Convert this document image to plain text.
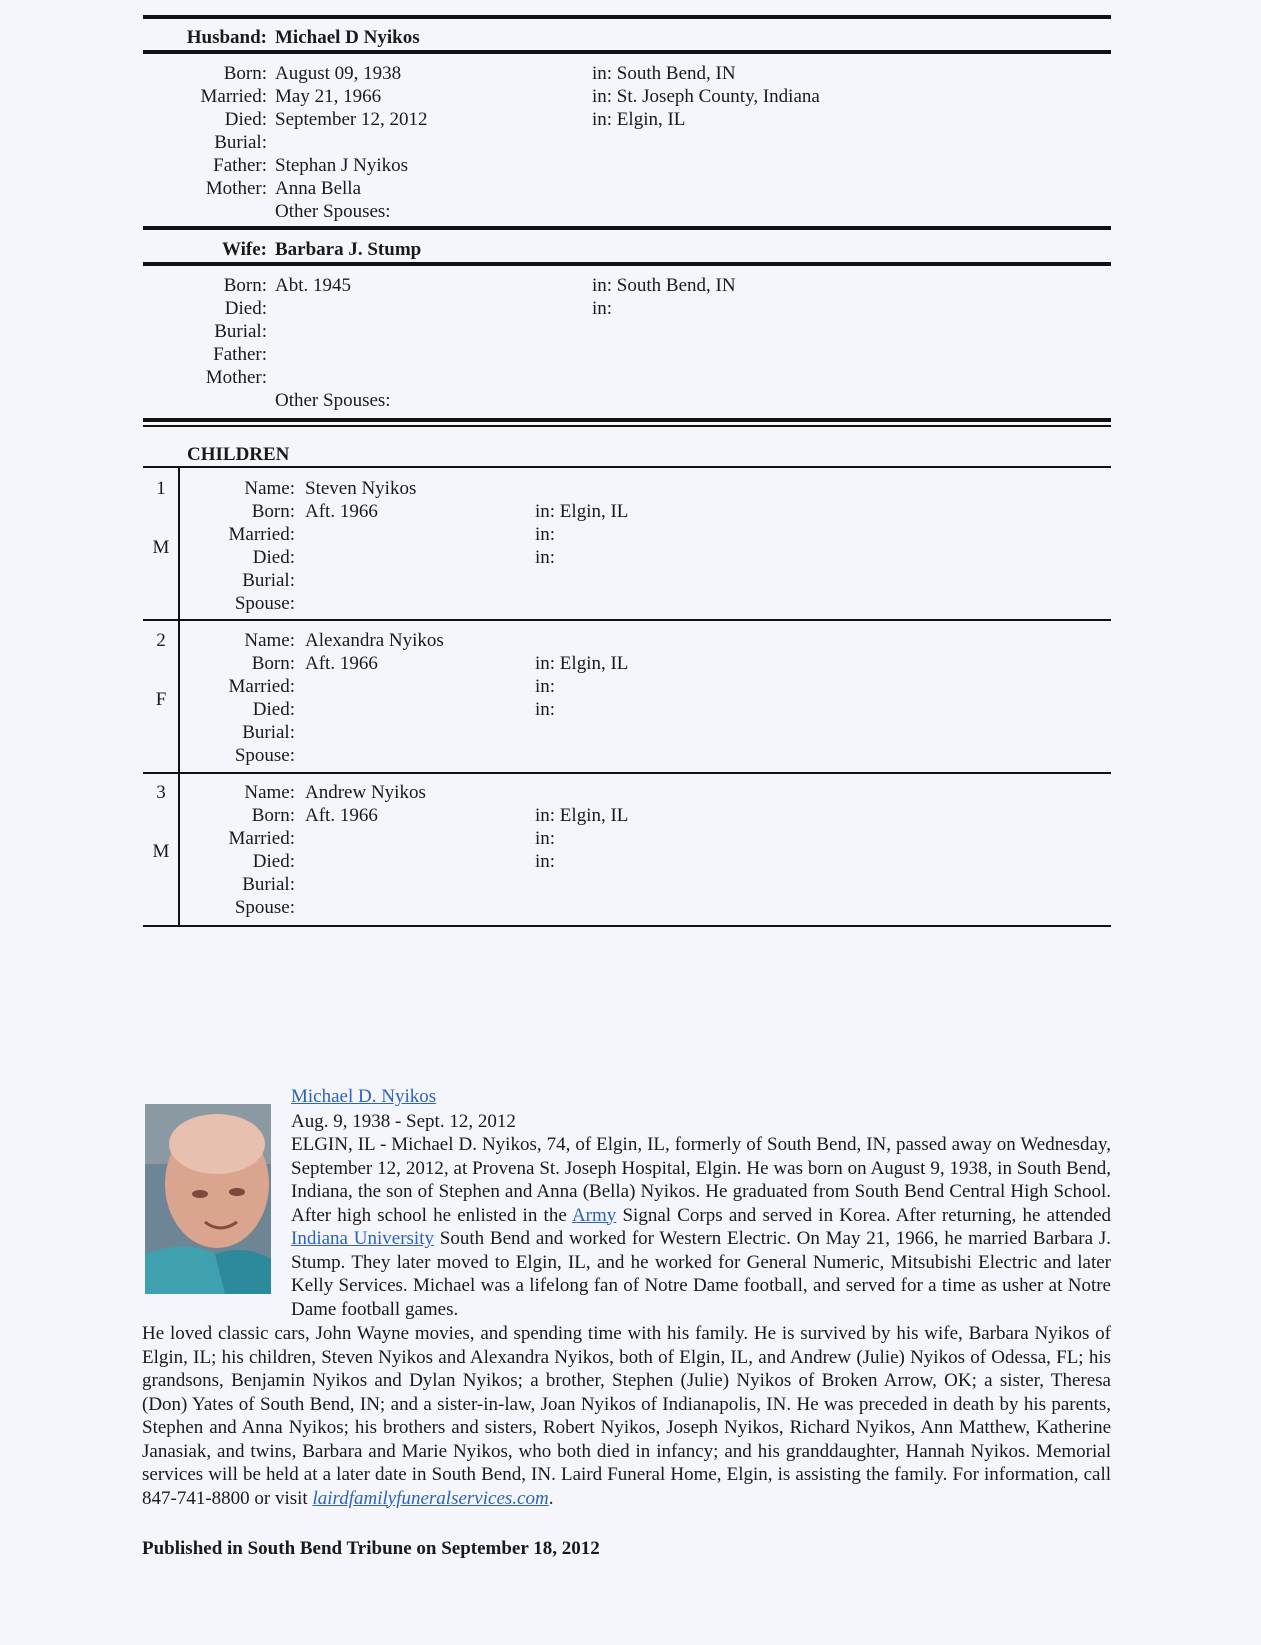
Husband: Michael D Nyikos
Born: August 09, 1938	in: South Bend, IN
Married: May 21, 1966	in: St. Joseph County, Indiana
Died: September 12, 2012	in: Elgin, IL
Burial:
Father: Stephan J Nyikos
Mother: Anna Bella
Other Spouses:
Wife: Barbara J. Stump
Born: Abt. 1945	in: South Bend, IN
Died:	in:
Burial:
Father:
Mother:
Other Spouses:
CHILDREN
1
M
Name: Steven Nyikos
Born: Aft. 1966	in: Elgin, IL
Married:	in:
Died:	in:
Burial:
Spouse:
2
F
Name: Alexandra Nyikos
Born: Aft. 1966	in: Elgin, IL
Married:	in:
Died:	in:
Burial:
Spouse:
3
M
Name: Andrew Nyikos
Born: Aft. 1966	in: Elgin, IL
Married:	in:
Died:	in:
Burial:
Spouse:
Michael D. Nyikos
Aug. 9, 1938 - Sept. 12, 2012
ELGIN, IL - Michael D. Nyikos, 74, of Elgin, IL, formerly of South Bend, IN, passed away on Wednesday, September 12, 2012, at Provena St. Joseph Hospital, Elgin. He was born on August 9, 1938, in South Bend, Indiana, the son of Stephen and Anna (Bella) Nyikos. He graduated from South Bend Central High School. After high school he enlisted in the Army Signal Corps and served in Korea. After returning, he attended Indiana University South Bend and worked for Western Electric. On May 21, 1966, he married Barbara J. Stump. They later moved to Elgin, IL, and he worked for General Numeric, Mitsubishi Electric and later Kelly Services. Michael was a lifelong fan of Notre Dame football, and served for a time as usher at Notre Dame football games.
He loved classic cars, John Wayne movies, and spending time with his family. He is survived by his wife, Barbara Nyikos of Elgin, IL; his children, Steven Nyikos and Alexandra Nyikos, both of Elgin, IL, and Andrew (Julie) Nyikos of Odessa, FL; his grandsons, Benjamin Nyikos and Dylan Nyikos; a brother, Stephen (Julie) Nyikos of Broken Arrow, OK; a sister, Theresa (Don) Yates of South Bend, IN; and a sister-in-law, Joan Nyikos of Indianapolis, IN. He was preceded in death by his parents, Stephen and Anna Nyikos; his brothers and sisters, Robert Nyikos, Joseph Nyikos, Richard Nyikos, Ann Matthew, Katherine Janasiak, and twins, Barbara and Marie Nyikos, who both died in infancy; and his granddaughter, Hannah Nyikos. Memorial services will be held at a later date in South Bend, IN. Laird Funeral Home, Elgin, is assisting the family. For information, call 847-741-8800 or visit lairdfamilyfuneralservices.com.
Published in South Bend Tribune on September 18, 2012
